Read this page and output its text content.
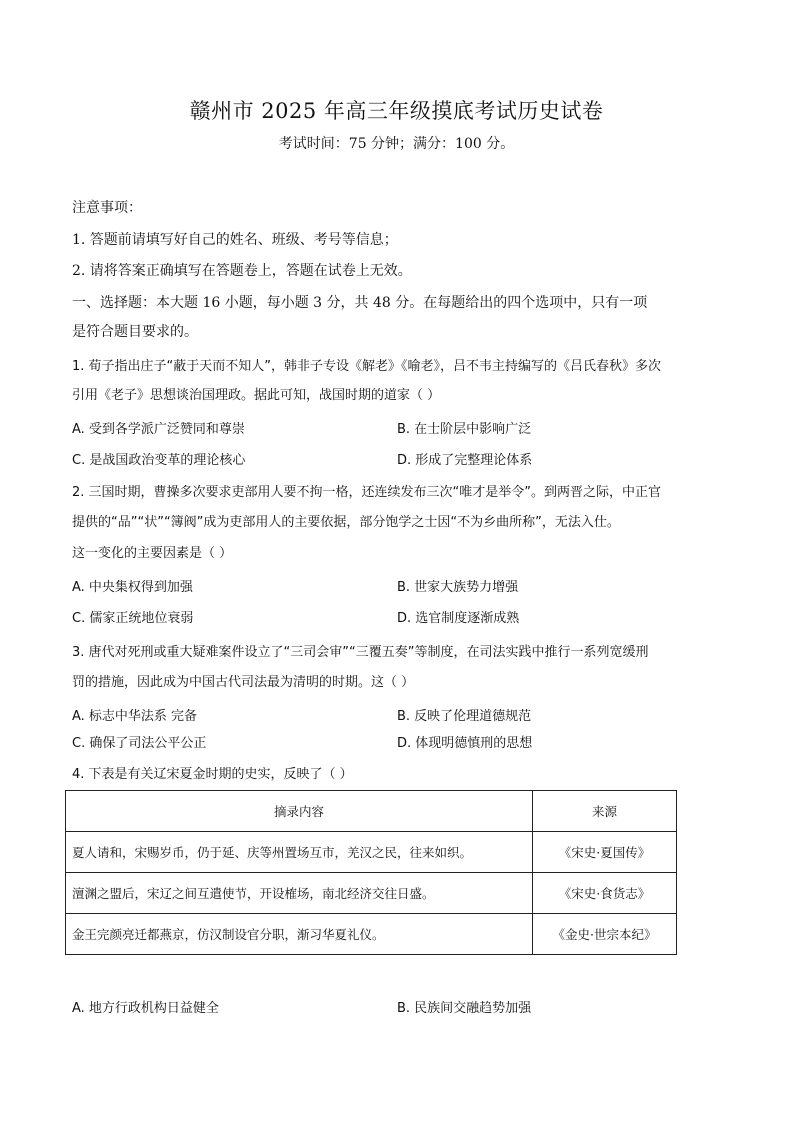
赣州市 2025 年高三年级摸底考试历史试卷
考试时间：75 分钟；满分：100 分。
注意事项：
1. 答题前请填写好自己的姓名、班级、考号等信息；
2. 请将答案正确填写在答题卷上，答题在试卷上无效。
一、选择题：本大题 16 小题，每小题 3 分，共 48 分。在每题给出的四个选项中，只有一项
是符合题目要求的。
1. 荀子指出庄子“蔽于天而不知人”，韩非子专设《解老》《喻老》，吕不韦主持编写的《吕氏春秋》多次
引用《老子》思想谈治国理政。据此可知，战国时期的道家（ ）
A. 受到各学派广泛赞同和尊崇	B. 在士阶层中影响广泛
C. 是战国政治变革的理论核心	D. 形成了完整理论体系
2. 三国时期，曹操多次要求吏部用人要不拘一格，还连续发布三次“唯才是举令”。到两晋之际，中正官
提供的“品”“状”“簿阀”成为吏部用人的主要依据，部分饱学之士因“不为乡曲所称”，无法入仕。
这一变化的主要因素是（ ）
A. 中央集权得到加强	B. 世家大族势力增强
C. 儒家正统地位衰弱	D. 选官制度逐渐成熟
3. 唐代对死刑或重大疑难案件设立了“三司会审”“三覆五奏”等制度，在司法实践中推行一系列宽缓刑
罚的措施，因此成为中国古代司法最为清明的时期。这（ ）
A. 标志中华法系 完备	B. 反映了伦理道德规范
C. 确保了司法公平公正	D. 体现明德慎刑的思想
4. 下表是有关辽宋夏金时期的史实，反映了（ ）
摘录内容	来源
夏人请和，宋赐岁币，仍于延、庆等州置场互市，羌汉之民，往来如织。	《宋史·夏国传》
澶渊之盟后，宋辽之间互遣使节，开设榷场，南北经济交往日盛。	《宋史·食货志》
金王完颜亮迁都燕京，仿汉制设官分职，渐习华夏礼仪。	《金史·世宗本纪》
A. 地方行政机构日益健全	B. 民族间交融趋势加强
